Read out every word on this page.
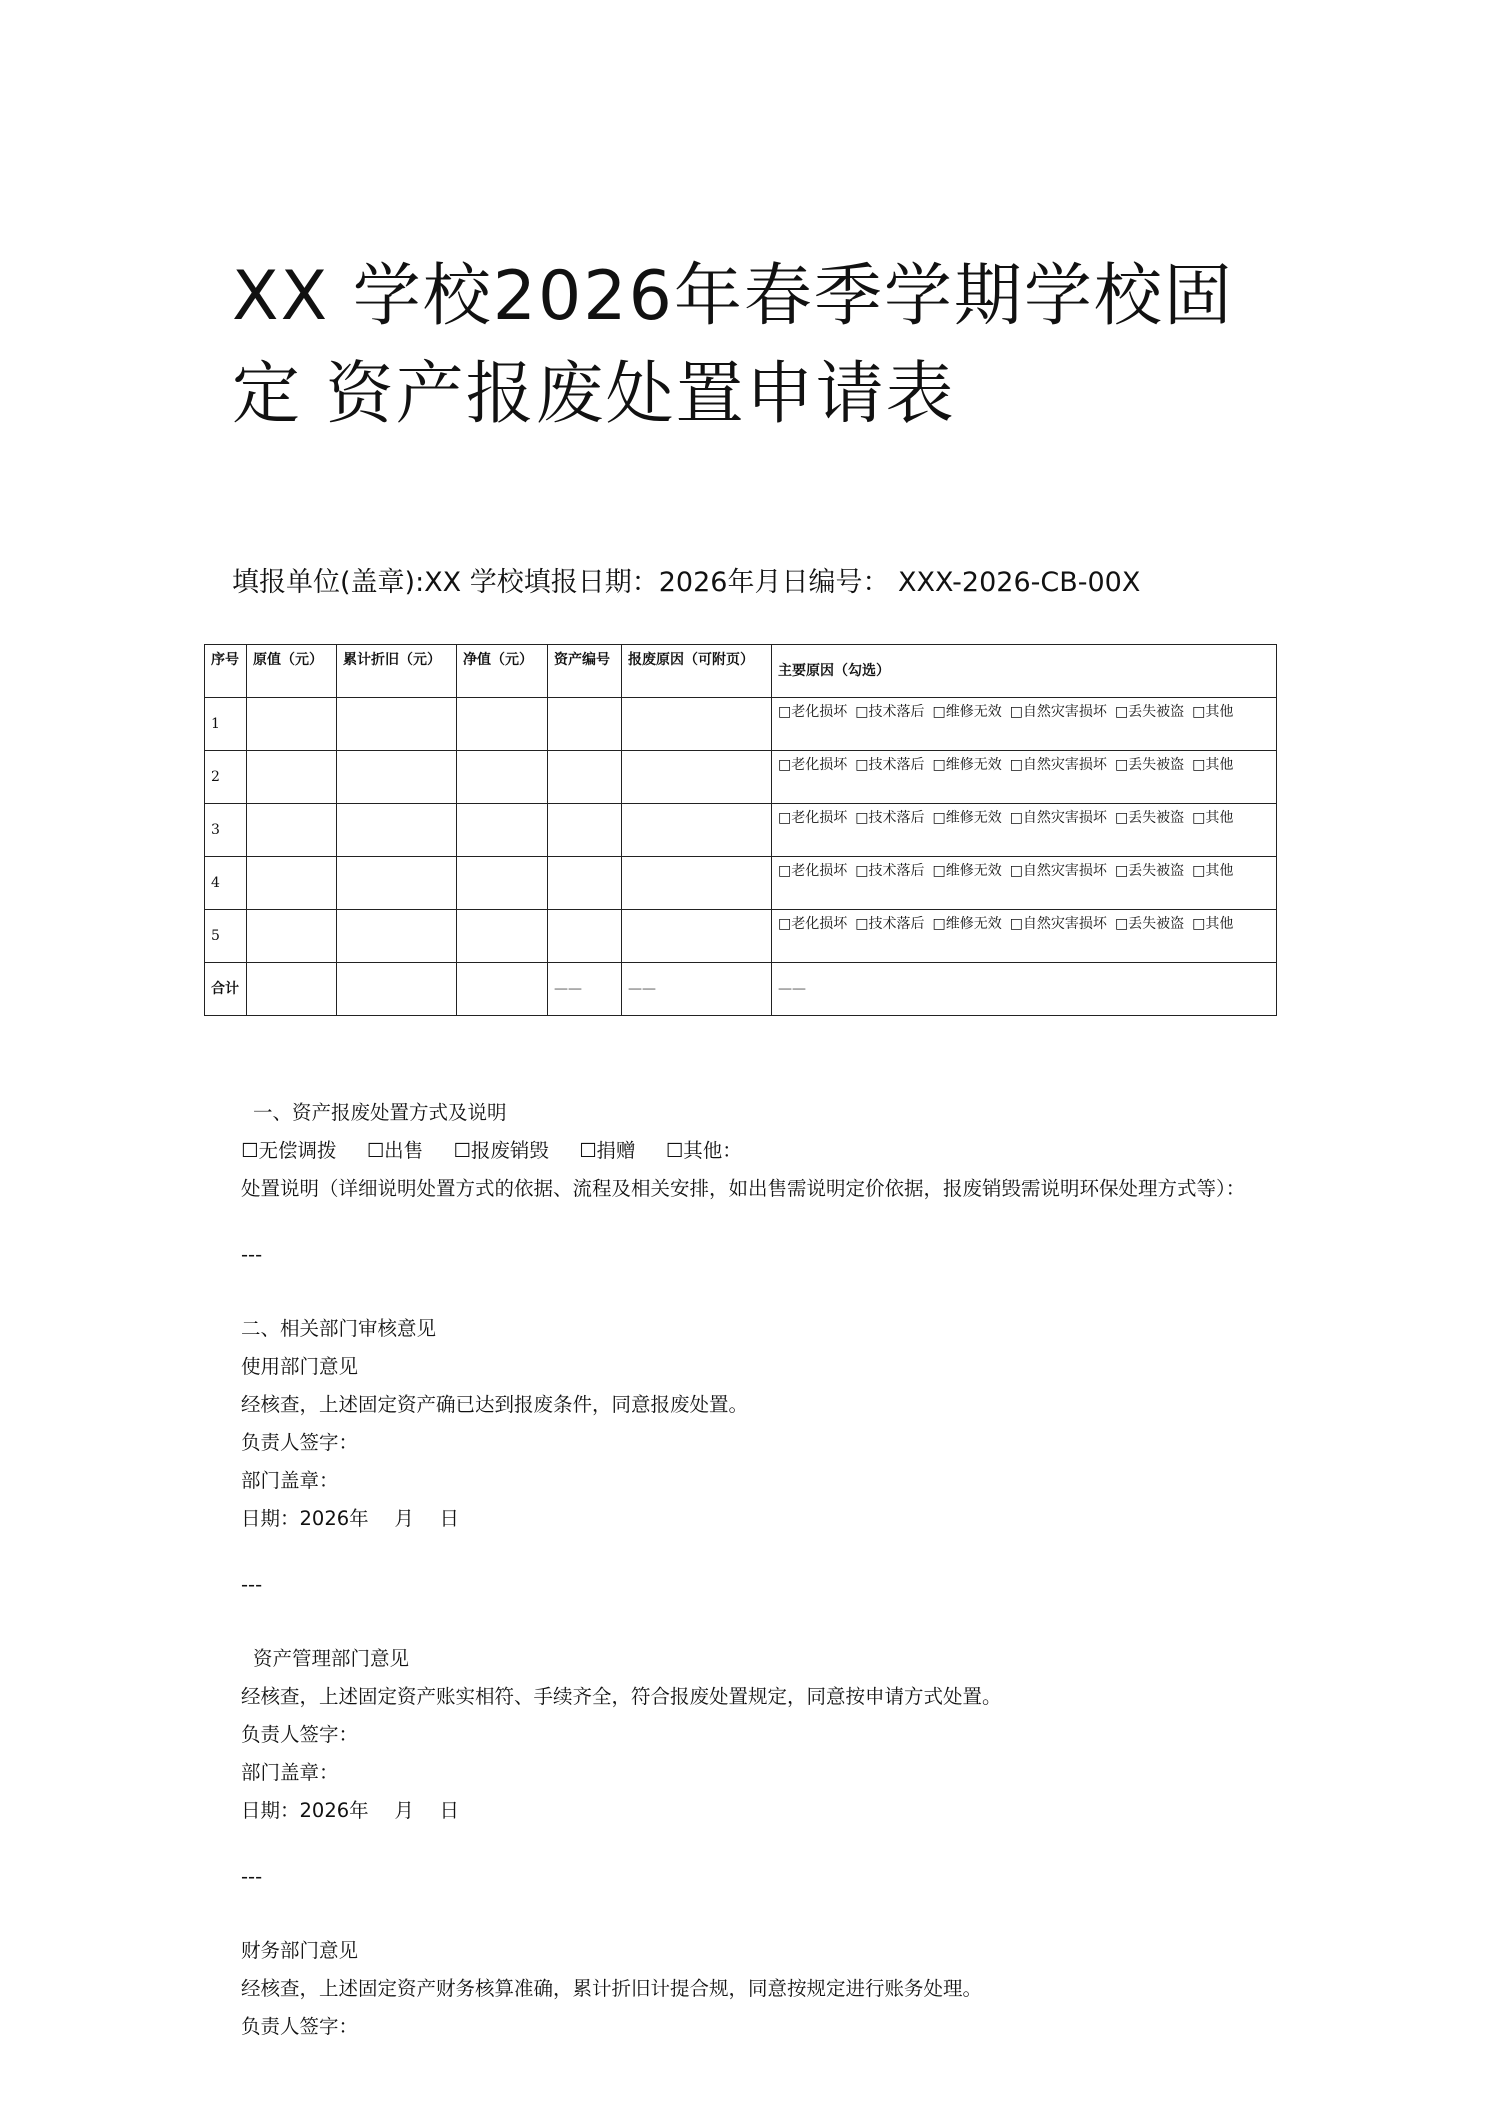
XX 学校2026年春季学期学校固
定 资产报废处置申请表
填报单位(盖章):XX 学校填报日期：2026年月日编号： XXX-2026-CB-00X
序号	原值（元）	累计折旧（元）	净值（元）	资产编号	报废原因（可附页）	主要原因（勾选）
1						□老化损坏 □技术落后 □维修无效 □自然灾害损坏 □丢失被盗 □其他
2						□老化损坏 □技术落后 □维修无效 □自然灾害损坏 □丢失被盗 □其他
3						□老化损坏 □技术落后 □维修无效 □自然灾害损坏 □丢失被盗 □其他
4						□老化损坏 □技术落后 □维修无效 □自然灾害损坏 □丢失被盗 □其他
5						□老化损坏 □技术落后 □维修无效 □自然灾害损坏 □丢失被盗 □其他
合计				——	——	——
一、资产报废处置方式及说明
☐无偿调拨 ☐出售 ☐报废销毁 ☐捐赠 ☐其他：
处置说明（详细说明处置方式的依据、流程及相关安排，如出售需说明定价依据，报废销毁需说明环保处理方式等）：
---
二、相关部门审核意见
使用部门意见
经核查，上述固定资产确已达到报废条件，同意报废处置。
负责人签字：
部门盖章：
日期：2026年　 月　 日
---
资产管理部门意见
经核查，上述固定资产账实相符、手续齐全，符合报废处置规定，同意按申请方式处置。
负责人签字：
部门盖章：
日期：2026年　 月　 日
---
财务部门意见
经核查，上述固定资产财务核算准确，累计折旧计提合规，同意按规定进行账务处理。
负责人签字：
